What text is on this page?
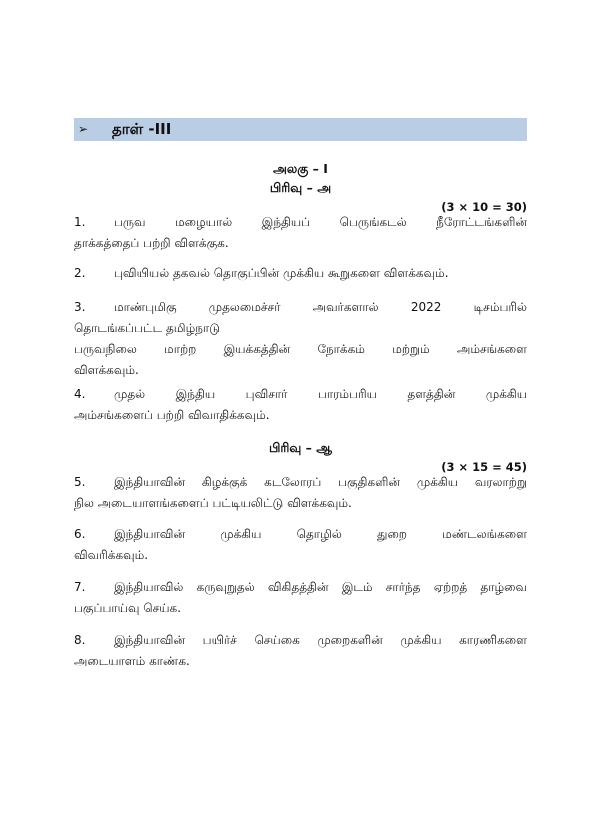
➢ தாள் -III
அலகு – I
பிரிவு – அ
(3 × 10 = 30)
1. பருவ மழையால் இந்தியப் பெருங்கடல் நீரோட்டங்களின்
தாக்கத்தைப் பற்றி விளக்குக.
2. புவியியல் தகவல் தொகுப்பின் முக்கிய கூறுகளை விளக்கவும்.
3. மாண்புமிகு முதலமைச்சர் அவர்களால் 2022 டிசம்பரில்
தொடங்கப்பட்ட தமிழ்நாடு
பருவநிலை மாற்ற இயக்கத்தின் நோக்கம் மற்றும் அம்சங்களை
விளக்கவும்.
4. முதல் இந்திய புவிசார் பாரம்பரிய தளத்தின் முக்கிய
அம்சங்களைப் பற்றி விவாதிக்கவும்.
பிரிவு – ஆ
(3 × 15 = 45)
5. இந்தியாவின் கிழக்குக் கடலோரப் பகுதிகளின் முக்கிய வரலாற்று
நில அடையாளங்களைப் பட்டியலிட்டு விளக்கவும்.
6. இந்தியாவின் முக்கிய தொழில் துறை மண்டலங்களை
விவரிக்கவும்.
7. இந்தியாவில் கருவுறுதல் விகிதத்தின் இடம் சார்ந்த ஏற்றத் தாழ்வை
பகுப்பாய்வு செய்க.
8. இந்தியாவின் பயிர்ச் செய்கை முறைகளின் முக்கிய காரணிகளை
அடையாளம் காண்க.
